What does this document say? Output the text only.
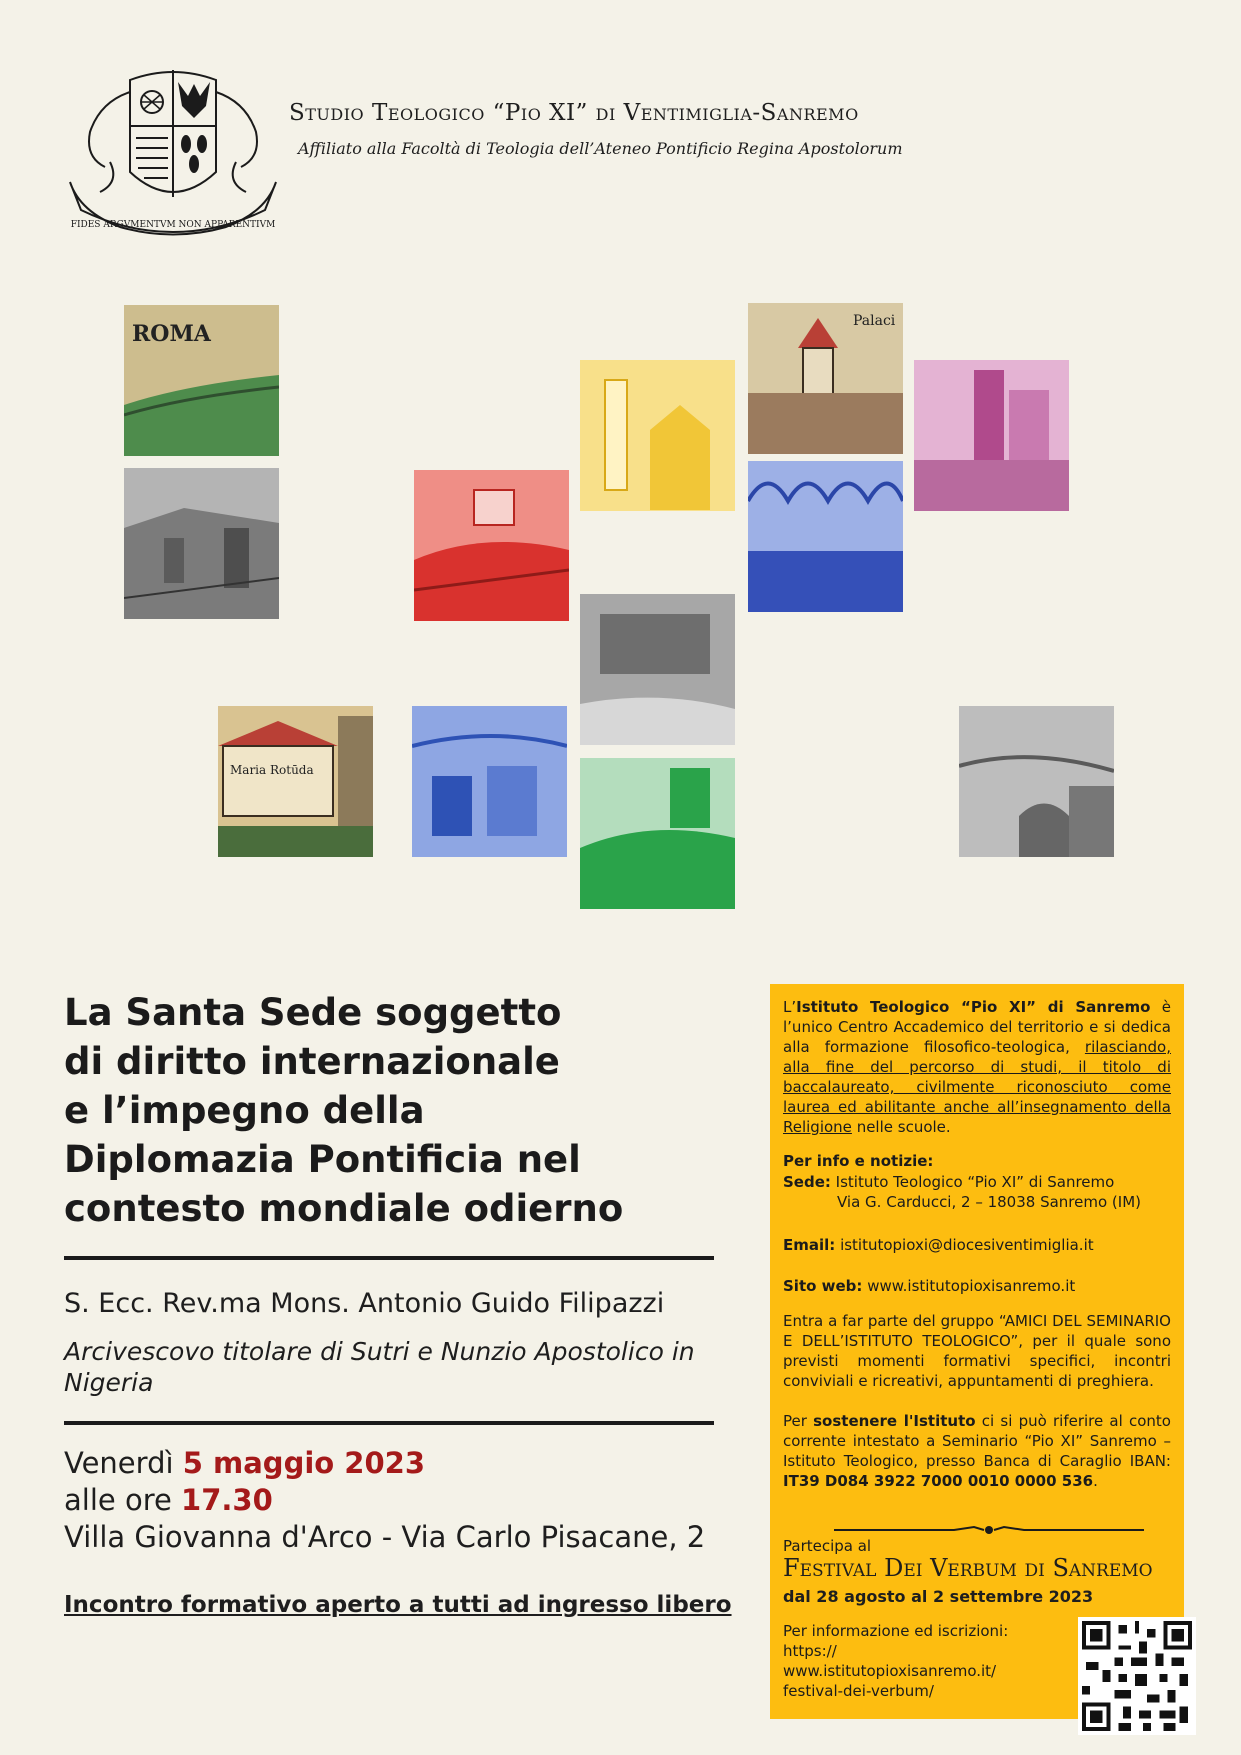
FIDES ARGVMENTVM NON APPARENTIVM
Studio Teologico “Pio XI” di Ventimiglia-Sanremo
Affiliato alla Facoltà di Teologia dell’Ateneo Pontificio Regina Apostolorum
ROMA	Palaci
Maria Rotūda
La Santa Sede soggetto
di diritto internazionale
e l’impegno della
Diplomazia Pontificia nel
contesto mondiale odierno
S. Ecc. Rev.ma Mons. Antonio Guido Filipazzi
Arcivescovo titolare di Sutri e Nunzio Apostolico in Nigeria
Venerdì 5 maggio 2023
alle ore 17.30
Villa Giovanna d'Arco - Via Carlo Pisacane, 2
Incontro formativo aperto a tutti ad ingresso libero
L’Istituto Teologico “Pio XI” di Sanremo è l’unico Centro Accademico del territorio e si dedica alla formazione filosofico-teologica, rilasciando, alla fine del percorso di studi, il titolo di baccalaureato, civilmente riconosciuto come laurea ed abilitante anche all’insegnamento della Religione nelle scuole.
Per info e notizie:
Sede: Istituto Teologico “Pio XI” di Sanremo
Via G. Carducci, 2 – 18038 Sanremo (IM)
Email: istitutopioxi@diocesiventimiglia.it
Sito web: www.istitutopioxisanremo.it
Entra a far parte del gruppo “AMICI DEL SEMINARIO E DELL’ISTITUTO TEOLOGICO”, per il quale sono previsti momenti formativi specifici, incontri conviviali e ricreativi, appuntamenti di preghiera.
Per sostenere l'Istituto ci si può riferire al conto corrente intestato a Seminario “Pio XI” Sanremo – Istituto Teologico, presso Banca di Caraglio IBAN: IT39 D084 3922 7000 0010 0000 536.
Partecipa al
Festival Dei Verbum di Sanremo
dal 28 agosto al 2 settembre 2023
Per informazione ed iscrizioni:
https://
www.istitutopioxisanremo.it/
festival-dei-verbum/
